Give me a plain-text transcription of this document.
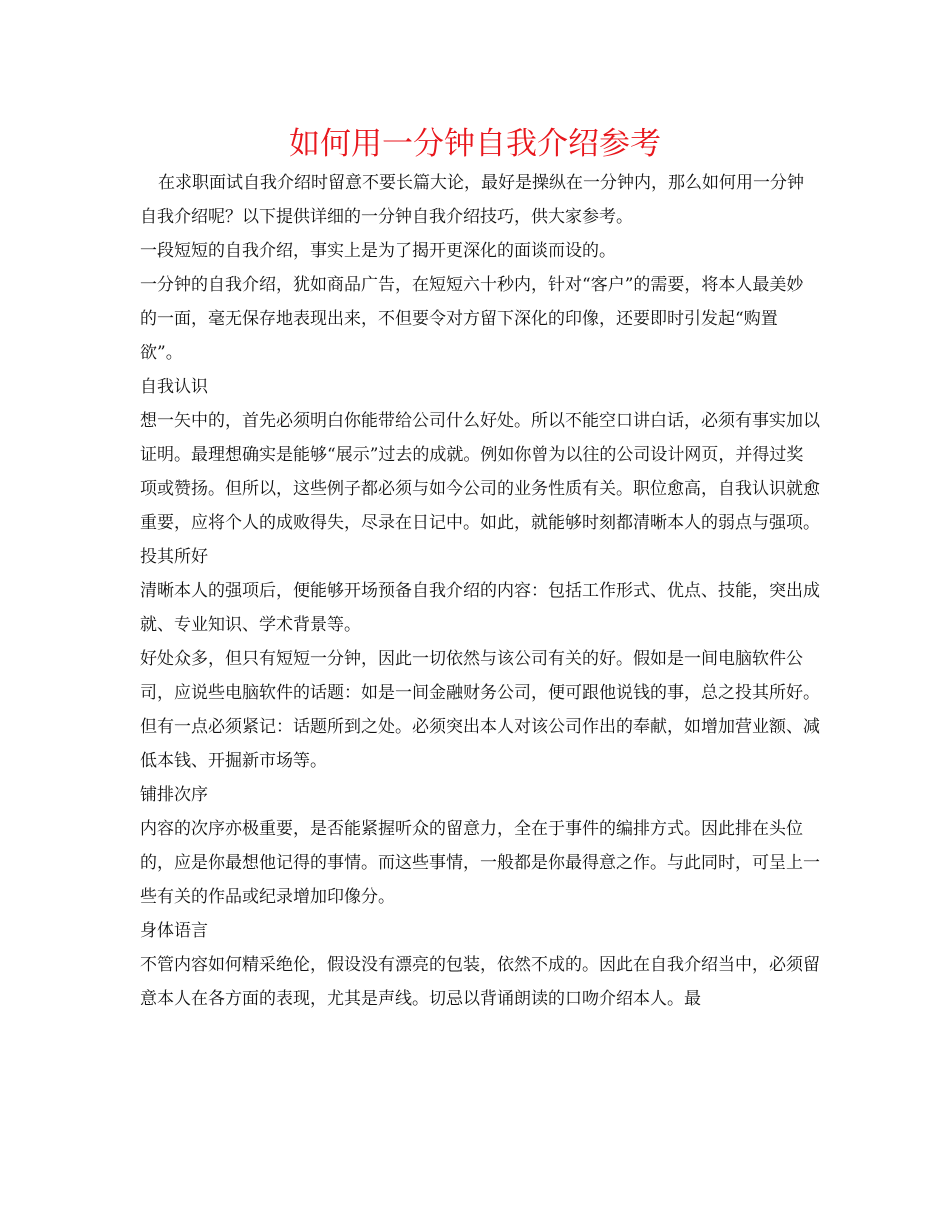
如何用一分钟自我介绍参考

在求职面试自我介绍时留意不要长篇大论，最好是操纵在一分钟内，那么如何用一分钟自我介绍呢？以下提供详细的一分钟自我介绍技巧，供大家参考。

一段短短的自我介绍，事实上是为了揭开更深化的面谈而设的。

一分钟的自我介绍，犹如商品广告，在短短六十秒内，针对“客户”的需要，将本人最美妙的一面，毫无保存地表现出来，不但要令对方留下深化的印像，还要即时引发起“购置欲”。

自我认识

想一矢中的，首先必须明白你能带给公司什么好处。所以不能空口讲白话，必须有事实加以证明。最理想确实是能够“展示”过去的成就。例如你曾为以往的公司设计网页，并得过奖项或赞扬。但所以，这些例子都必须与如今公司的业务性质有关。职位愈高，自我认识就愈重要，应将个人的成败得失，尽录在日记中。如此，就能够时刻都清晰本人的弱点与强项。

投其所好

清晰本人的强项后，便能够开场预备自我介绍的内容：包括工作形式、优点、技能，突出成就、专业知识、学术背景等。

好处众多，但只有短短一分钟，因此一切依然与该公司有关的好。假如是一间电脑软件公司，应说些电脑软件的话题：如是一间金融财务公司，便可跟他说钱的事，总之投其所好。

但有一点必须紧记：话题所到之处。必须突出本人对该公司作出的奉献，如增加营业额、减低本钱、开掘新市场等。

铺排次序

内容的次序亦极重要，是否能紧握听众的留意力，全在于事件的编排方式。因此排在头位的，应是你最想他记得的事情。而这些事情，一般都是你最得意之作。与此同时，可呈上一些有关的作品或纪录增加印像分。

身体语言

不管内容如何精采绝伦，假设没有漂亮的包装，依然不成的。因此在自我介绍当中，必须留意本人在各方面的表现，尤其是声线。切忌以背诵朗读的口吻介绍本人。最
